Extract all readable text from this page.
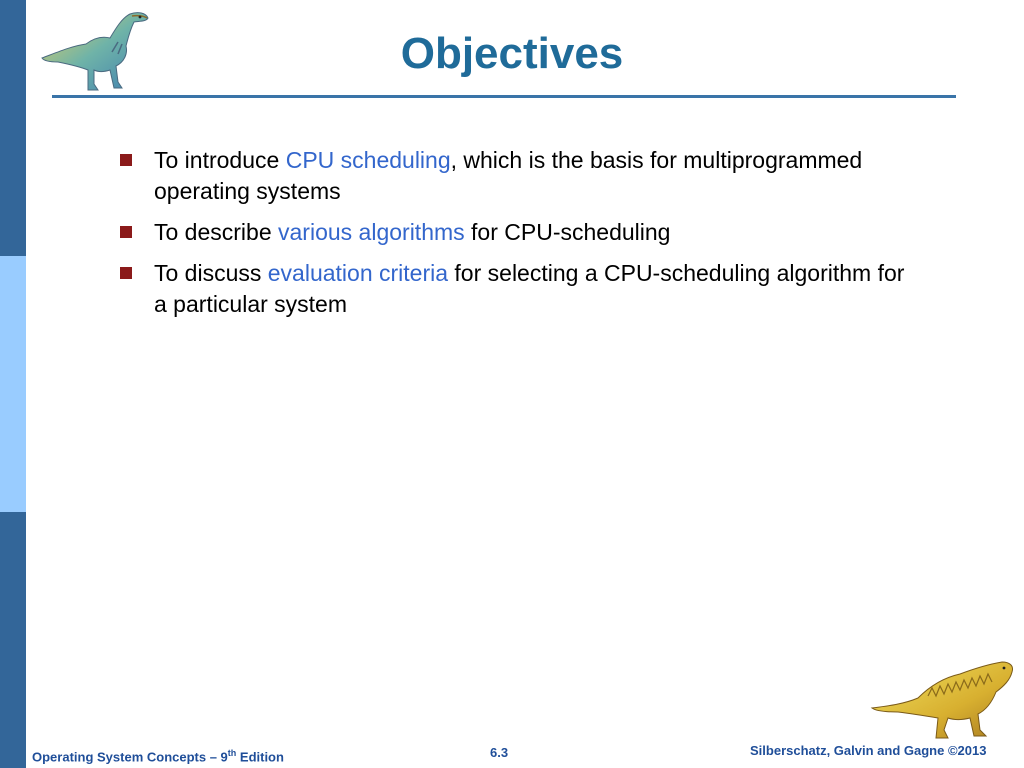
Objectives
To introduce CPU scheduling, which is the basis for multiprogrammed operating systems
To describe various algorithms for CPU-scheduling
To discuss evaluation criteria for selecting a CPU-scheduling algorithm for a particular system
Operating System Concepts – 9th Edition	6.3	Silberschatz, Galvin and Gagne ©2013
